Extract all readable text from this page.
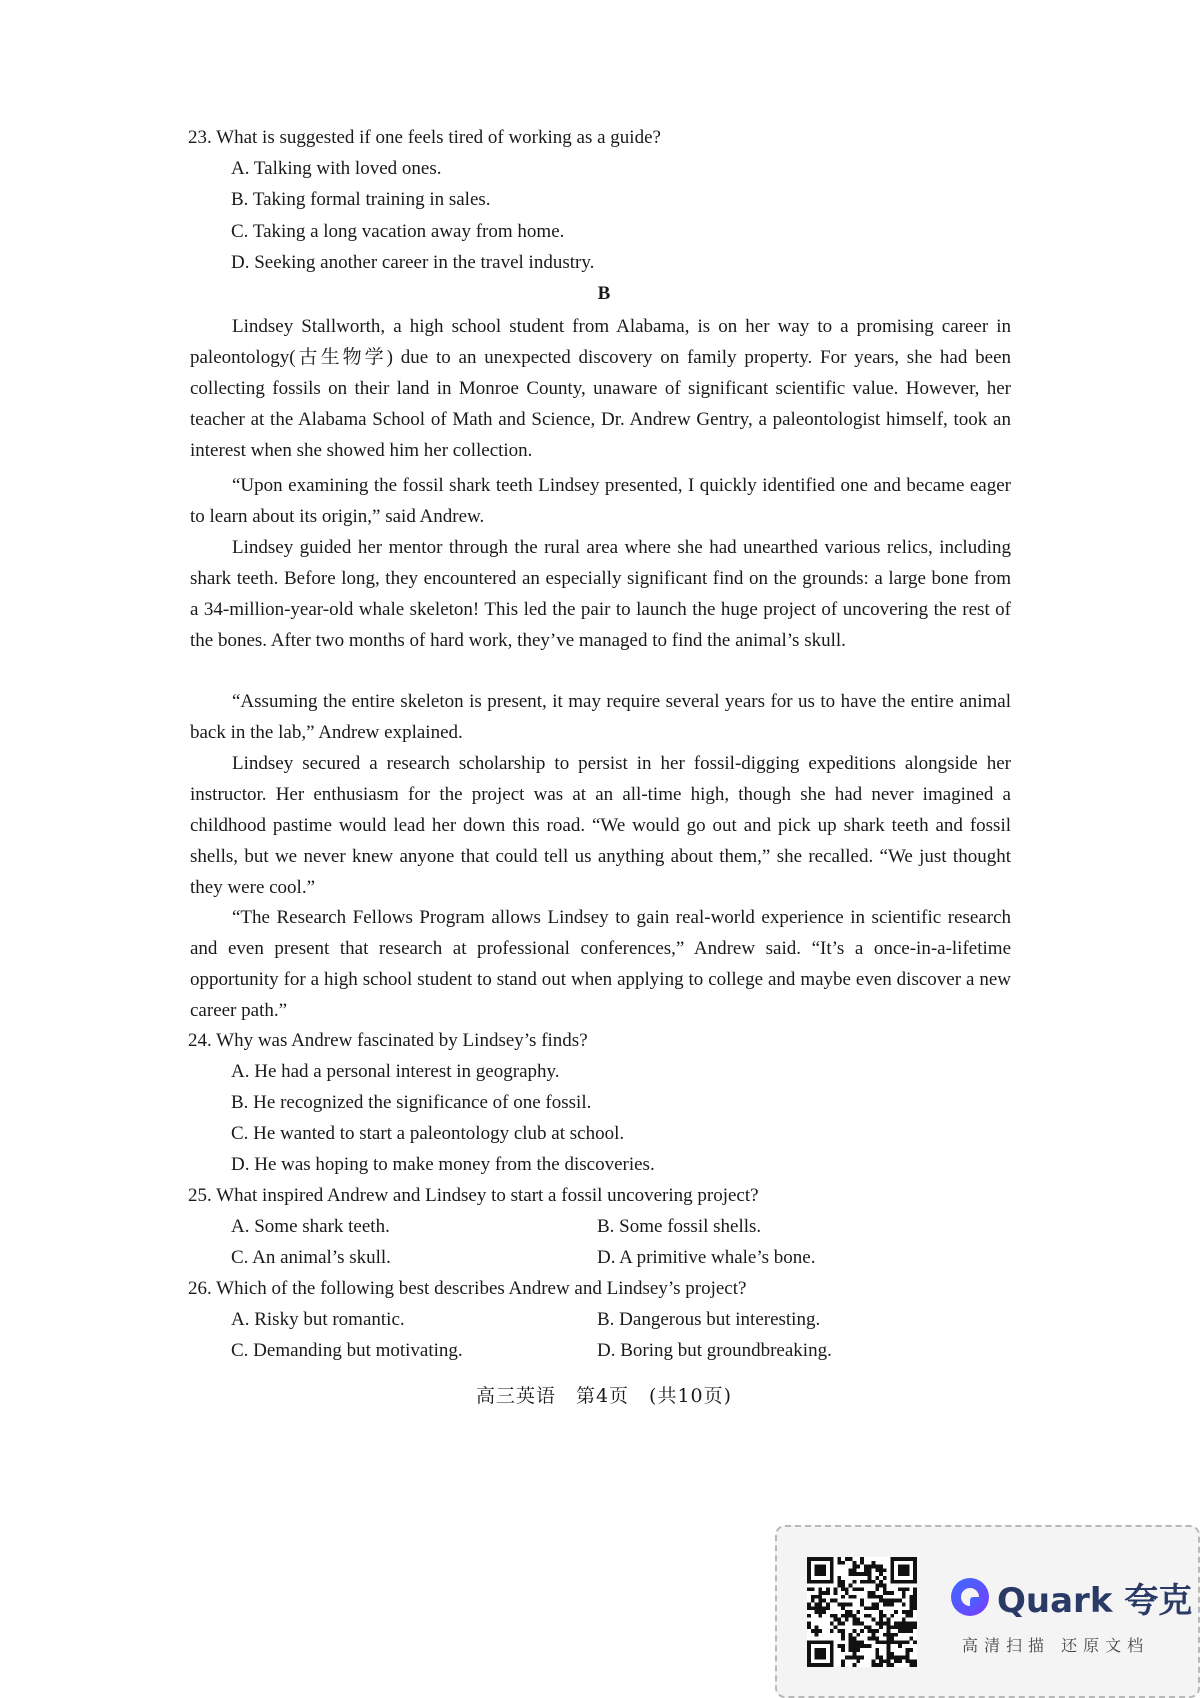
23. What is suggested if one feels tired of working as a guide?
A. Talking with loved ones.
B. Taking formal training in sales.
C. Taking a long vacation away from home.
D. Seeking another career in the travel industry.
B
Lindsey Stallworth, a high school student from Alabama, is on her way to a promising career in paleontology(古生物学) due to an unexpected discovery on family property. For years, she had been collecting fossils on their land in Monroe County, unaware of significant scientific value. However, her teacher at the Alabama School of Math and Science, Dr. Andrew Gentry, a paleontologist himself, took an interest when she showed him her collection.
“Upon examining the fossil shark teeth Lindsey presented, I quickly identified one and became eager to learn about its origin,” said Andrew.
Lindsey guided her mentor through the rural area where she had unearthed various relics, including shark teeth. Before long, they encountered an especially significant find on the grounds: a large bone from a 34-million-year-old whale skeleton! This led the pair to launch the huge project of uncovering the rest of the bones. After two months of hard work, they’ve managed to find the animal’s skull.
“Assuming the entire skeleton is present, it may require several years for us to have the entire animal back in the lab,” Andrew explained.
Lindsey secured a research scholarship to persist in her fossil-digging expeditions alongside her instructor. Her enthusiasm for the project was at an all-time high, though she had never imagined a childhood pastime would lead her down this road. “We would go out and pick up shark teeth and fossil shells, but we never knew anyone that could tell us anything about them,” she recalled. “We just thought they were cool.”
“The Research Fellows Program allows Lindsey to gain real-world experience in scientific research and even present that research at professional conferences,” Andrew said. “It’s a once-in-a-lifetime opportunity for a high school student to stand out when applying to college and maybe even discover a new career path.”
24. Why was Andrew fascinated by Lindsey’s finds?
A. He had a personal interest in geography.
B. He recognized the significance of one fossil.
C. He wanted to start a paleontology club at school.
D. He was hoping to make money from the discoveries.
25. What inspired Andrew and Lindsey to start a fossil uncovering project?
A. Some shark teeth.	B. Some fossil shells.
C. An animal’s skull.	D. A primitive whale’s bone.
26. Which of the following best describes Andrew and Lindsey’s project?
A. Risky but romantic.	B. Dangerous but interesting.
C. Demanding but motivating.	D. Boring but groundbreaking.
高三英语　第4页　(共10页)
Quark 夸克
高清扫描 还原文档
